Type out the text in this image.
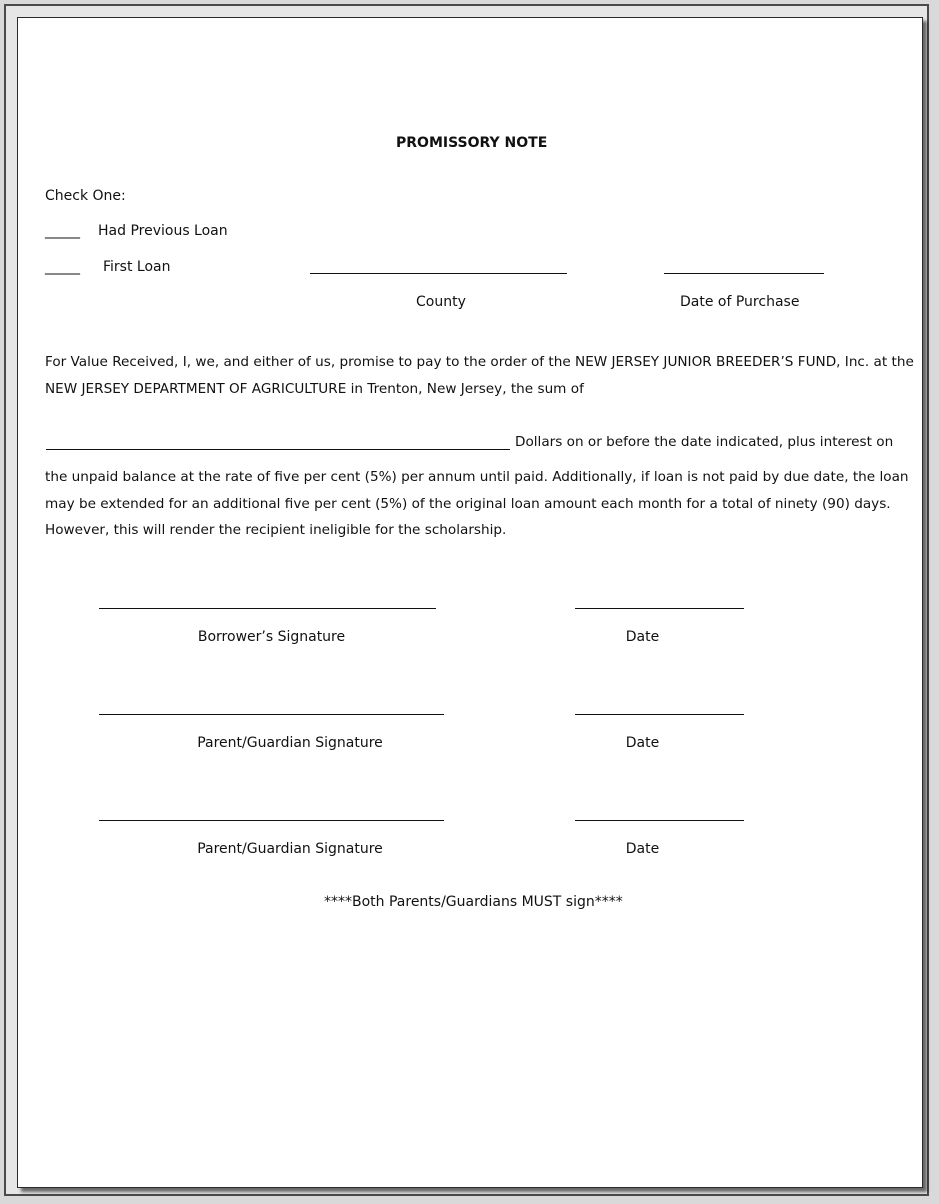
PROMISSORY NOTE
Check One:
_____ Had Previous Loan
_____ First Loan
County	Date of Purchase
For Value Received, I, we, and either of us, promise to pay to the order of the NEW JERSEY JUNIOR BREEDER’S FUND, Inc. at the
NEW JERSEY DEPARTMENT OF AGRICULTURE in Trenton, New Jersey, the sum of
Dollars on or before the date indicated, plus interest on
the unpaid balance at the rate of five per cent (5%) per annum until paid. Additionally, if loan is not paid by due date, the loan
may be extended for an additional five per cent (5%) of the original loan amount each month for a total of ninety (90) days.
However, this will render the recipient ineligible for the scholarship.
Borrower’s Signature	Date
Parent/Guardian Signature	Date
Parent/Guardian Signature	Date
****Both Parents/Guardians MUST sign****
